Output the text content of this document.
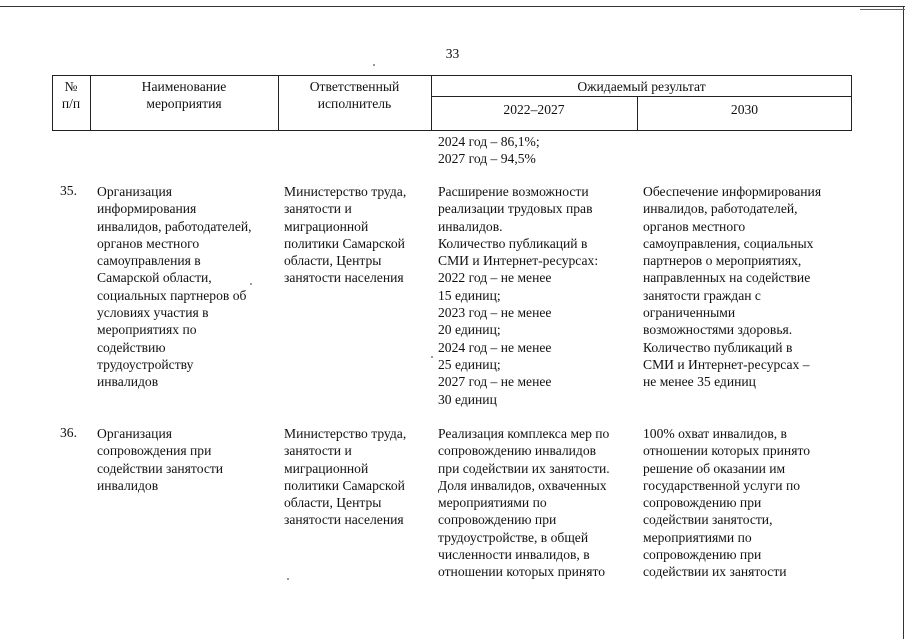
33
№
п/п
Наименование
мероприятия
Ответственный
исполнитель
Ожидаемый результат
2022–2027	2030
2024 год – 86,1%;
2027 год – 94,5%
35. Организация
информирования
инвалидов, работодателей,
органов местного
самоуправления в
Самарской области,
социальных партнеров об
условиях участия в
мероприятиях по
содействию
трудоустройству
инвалидов
Министерство труда,
занятости и
миграционной
политики Самарской
области, Центры
занятости населения
Расширение возможности
реализации трудовых прав
инвалидов.
Количество публикаций в
СМИ и Интернет-ресурсах:
2022 год – не менее
15 единиц;
2023 год – не менее
20 единиц;
2024 год – не менее
25 единиц;
2027 год – не менее
30 единиц
Обеспечение информирования
инвалидов, работодателей,
органов местного
самоуправления, социальных
партнеров о мероприятиях,
направленных на содействие
занятости граждан с
ограниченными
возможностями здоровья.
Количество публикаций в
СМИ и Интернет-ресурсах –
не менее 35 единиц
36. Организация
сопровождения при
содействии занятости
инвалидов
Министерство труда,
занятости и
миграционной
политики Самарской
области, Центры
занятости населения
Реализация комплекса мер по
сопровождению инвалидов
при содействии их занятости.
Доля инвалидов, охваченных
мероприятиями по
сопровождению при
трудоустройстве, в общей
численности инвалидов, в
отношении которых принято
100% охват инвалидов, в
отношении которых принято
решение об оказании им
государственной услуги по
сопровождению при
содействии занятости,
мероприятиями по
сопровождению при
содействии их занятости
